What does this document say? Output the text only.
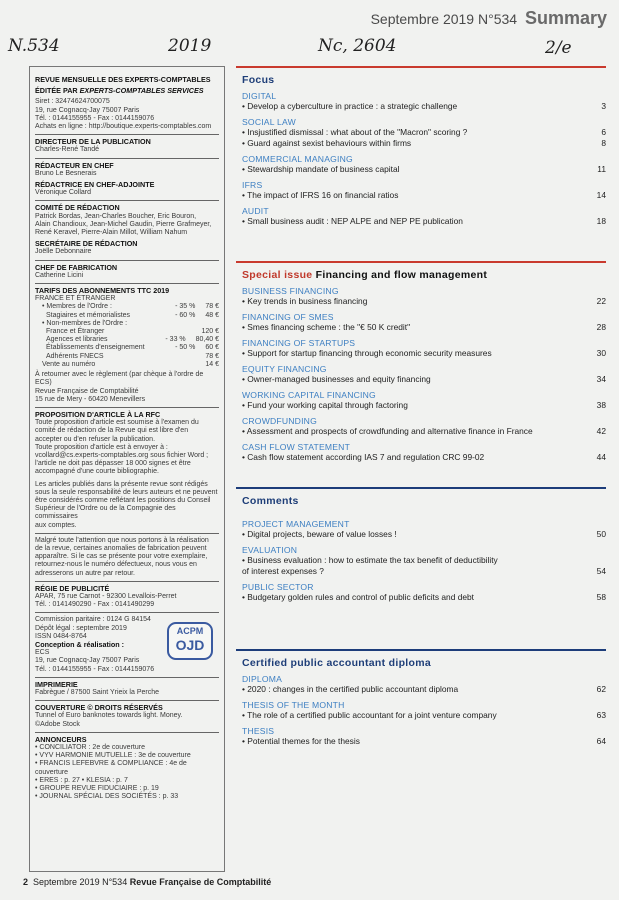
N.534	2019	Nc, 2604	2/e
Septembre 2019 N°534 Summary
REVUE MENSUELLE DES EXPERTS-COMPTABLES
ÉDITÉE PAR EXPERTS-COMPTABLES SERVICES
Siret : 32474624700075
19, rue Cognacq-Jay 75007 Paris
Tél. : 0144155955 - Fax : 0144159076
Achats en ligne : http://boutique.experts-comptables.com
DIRECTEUR DE LA PUBLICATION
Charles-René Tandé
RÉDACTEUR EN CHEF
Bruno Le Besnerais
RÉDACTRICE EN CHEF-ADJOINTE
Véronique Collard
COMITÉ DE RÉDACTION
Patrick Bordas, Jean-Charles Boucher, Eric Bouron,
Alain Chandioux, Jean-Michel Gaudin, Pierre Grafmeyer,
René Keravel, Pierre-Alain Millot, William Nahum
SECRÉTAIRE DE RÉDACTION
Joëlle Debonnaire
CHEF DE FABRICATION
Catherine Licini
TARIFS DES ABONNEMENTS TTC 2019
FRANCE ET ÉTRANGER
• Membres de l'Ordre :	- 35 %	78 €
Stagiaires et mémorialistes	- 60 %	48 €
• Non-membres de l'Ordre :
France et Étranger	120 €
Agences et libraries	- 33 %	80,40 €
Établissements d'enseignement	- 50 %	60 €
Adhérents FNECS	78 €
Vente au numéro	14 €
À retourner avec le règlement (par chèque à l'ordre de ECS)
Revue Française de Comptabilité
15 rue de Mery - 60420 Menevillers
PROPOSITION D'ARTICLE À LA RFC
Toute proposition d'article est soumise à l'examen du
comité de rédaction de la Revue qui est libre d'en
accepter ou d'en refuser la publication.
Toute proposition d'article est à envoyer à :
vcollard@cs.experts-comptables.org sous fichier Word ;
l'article ne doit pas dépasser 18 000 signes et être
accompagné d'une courte bibliographie.
Les articles publiés dans la présente revue sont rédigés
sous la seule responsabilité de leurs auteurs et ne peuvent
être considérés comme reflétant les positions du Conseil
Supérieur de l'Ordre ou de la Compagnie des commissaires
aux comptes.
Malgré toute l'attention que nous portons à la réalisation
de la revue, certaines anomalies de fabrication peuvent
apparaître. Si le cas se présente pour votre exemplaire,
retournez-nous le numéro défectueux, nous vous en
adresserons un autre par retour.
RÉGIE DE PUBLICITÉ
APAR, 75 rue Carnot - 92300 Levallois-Perret
Tél. : 0141490290 - Fax : 0141490299
ACPM
OJD
Commission paritaire : 0124 G 84154
Dépôt légal : septembre 2019
ISSN 0484-8764
Conception & réalisation :
ECS
19, rue Cognacq-Jay 75007 Paris
Tél. : 0144155955 - Fax : 0144159076
IMPRIMERIE
Fabrègue / 87500 Saint Yrieix la Perche
COUVERTURE © DROITS RÉSERVÉS
Tunnel of Euro banknotes towards light. Money.
©Adobe Stock
ANNONCEURS
• CONCILIATOR : 2e de couverture
• VYV HARMONIE MUTUELLE : 3e de couverture
• FRANCIS LEFEBVRE & COMPLIANCE : 4e de couverture
• ERES : p. 27 • KLESIA : p. 7
• GROUPE REVUE FIDUCIAIRE : p. 19
• JOURNAL SPÉCIAL DES SOCIÉTÉS : p. 33
Focus
DIGITAL
• Develop a cyberculture in practice : a strategic challenge	3
SOCIAL LAW
• Insjustified dismissal : what about of the "Macron" scoring ?	6
• Guard against sexist behaviours within firms	8
COMMERCIAL MANAGING
• Stewardship mandate of business capital	11
IFRS
• The impact of IFRS 16 on financial ratios	14
AUDIT
• Small business audit : NEP ALPE and NEP PE publication	18
Special issue Financing and flow management
BUSINESS FINANCING
• Key trends in business financing	22
FINANCING OF SMES
• Smes financing scheme : the "€ 50 K credit"	28
FINANCING OF STARTUPS
• Support for startup financing through economic security measures	30
EQUITY FINANCING
• Owner-managed businesses and equity financing	34
WORKING CAPITAL FINANCING
• Fund your working capital through factoring	38
CROWDFUNDING
• Assessment and prospects of crowdfunding and alternative finance in France	42
CASH FLOW STATEMENT
• Cash flow statement according IAS 7 and regulation CRC 99-02	44
Comments
PROJECT MANAGEMENT
• Digital projects, beware of value losses !	50
EVALUATION
• Business evaluation : how to estimate the tax benefit of deductibility
of interest expenses ?	54
PUBLIC SECTOR
• Budgetary golden rules and control of public deficits and debt	58
Certified public accountant diploma
DIPLOMA
• 2020 : changes in the certified public accountant diploma	62
THESIS OF THE MONTH
• The role of a certified public accountant for a joint venture company	63
THESIS
• Potential themes for the thesis	64
2 Septembre 2019 N°534 Revue Française de Comptabilité
